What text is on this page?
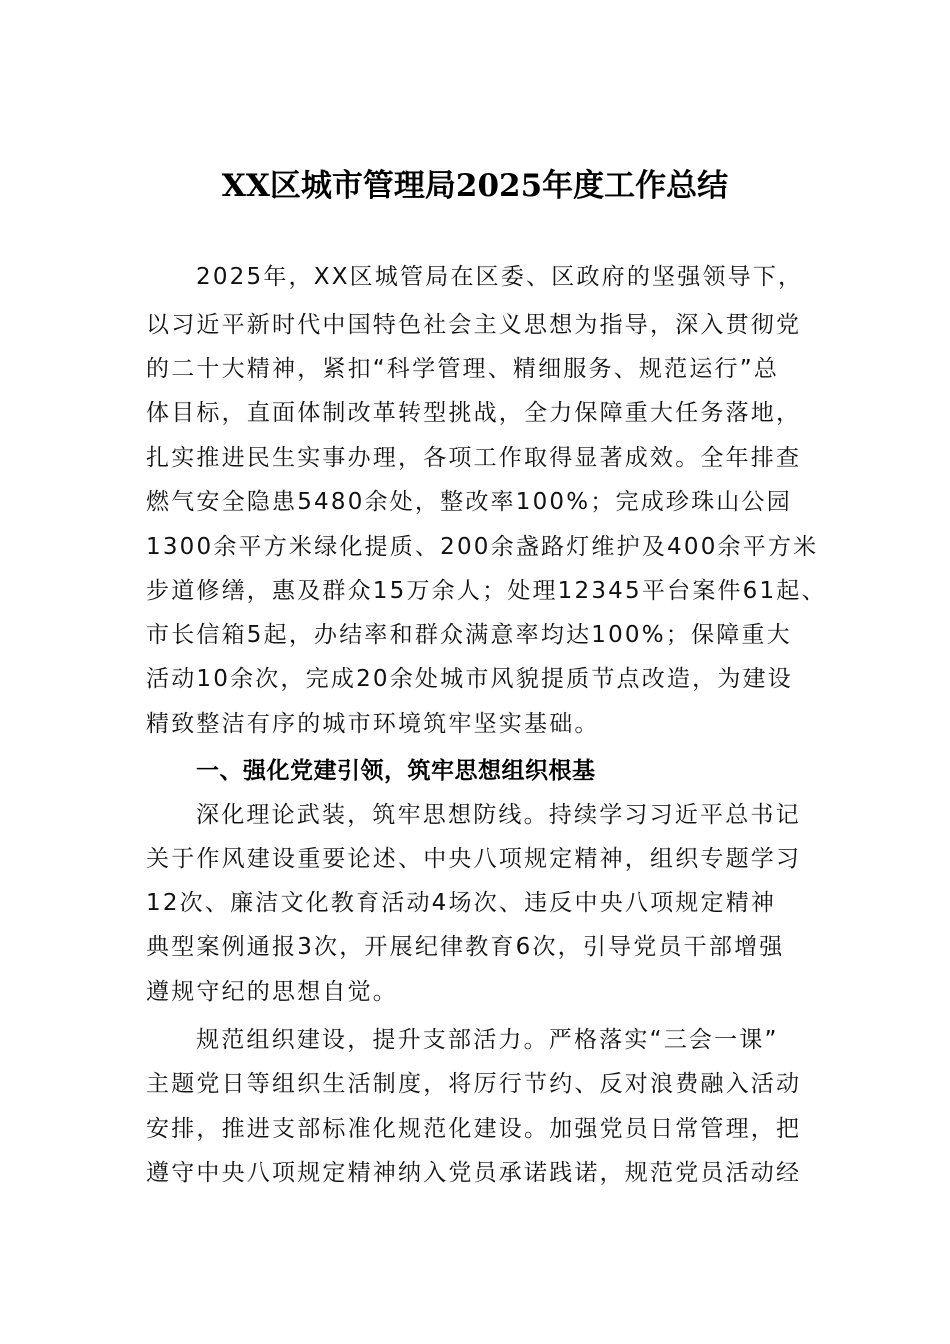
XX区城市管理局2025年度工作总结
2025年，XX区城管局在区委、区政府的坚强领导下，
以习近平新时代中国特色社会主义思想为指导，深入贯彻党
的二十大精神，紧扣“科学管理、精细服务、规范运行”总
体目标，直面体制改革转型挑战，全力保障重大任务落地，
扎实推进民生实事办理，各项工作取得显著成效。全年排查
燃气安全隐患5480余处，整改率100%；完成珍珠山公园
1300余平方米绿化提质、200余盏路灯维护及400余平方米
步道修缮，惠及群众15万余人；处理12345平台案件61起、
市长信箱5起，办结率和群众满意率均达100%；保障重大
活动10余次，完成20余处城市风貌提质节点改造，为建设
精致整洁有序的城市环境筑牢坚实基础。
一、强化党建引领，筑牢思想组织根基
深化理论武装，筑牢思想防线。持续学习习近平总书记
关于作风建设重要论述、中央八项规定精神，组织专题学习
12次、廉洁文化教育活动4场次、违反中央八项规定精神
典型案例通报3次，开展纪律教育6次，引导党员干部增强
遵规守纪的思想自觉。
规范组织建设，提升支部活力。严格落实“三会一课”
主题党日等组织生活制度，将厉行节约、反对浪费融入活动
安排，推进支部标准化规范化建设。加强党员日常管理，把
遵守中央八项规定精神纳入党员承诺践诺，规范党员活动经
